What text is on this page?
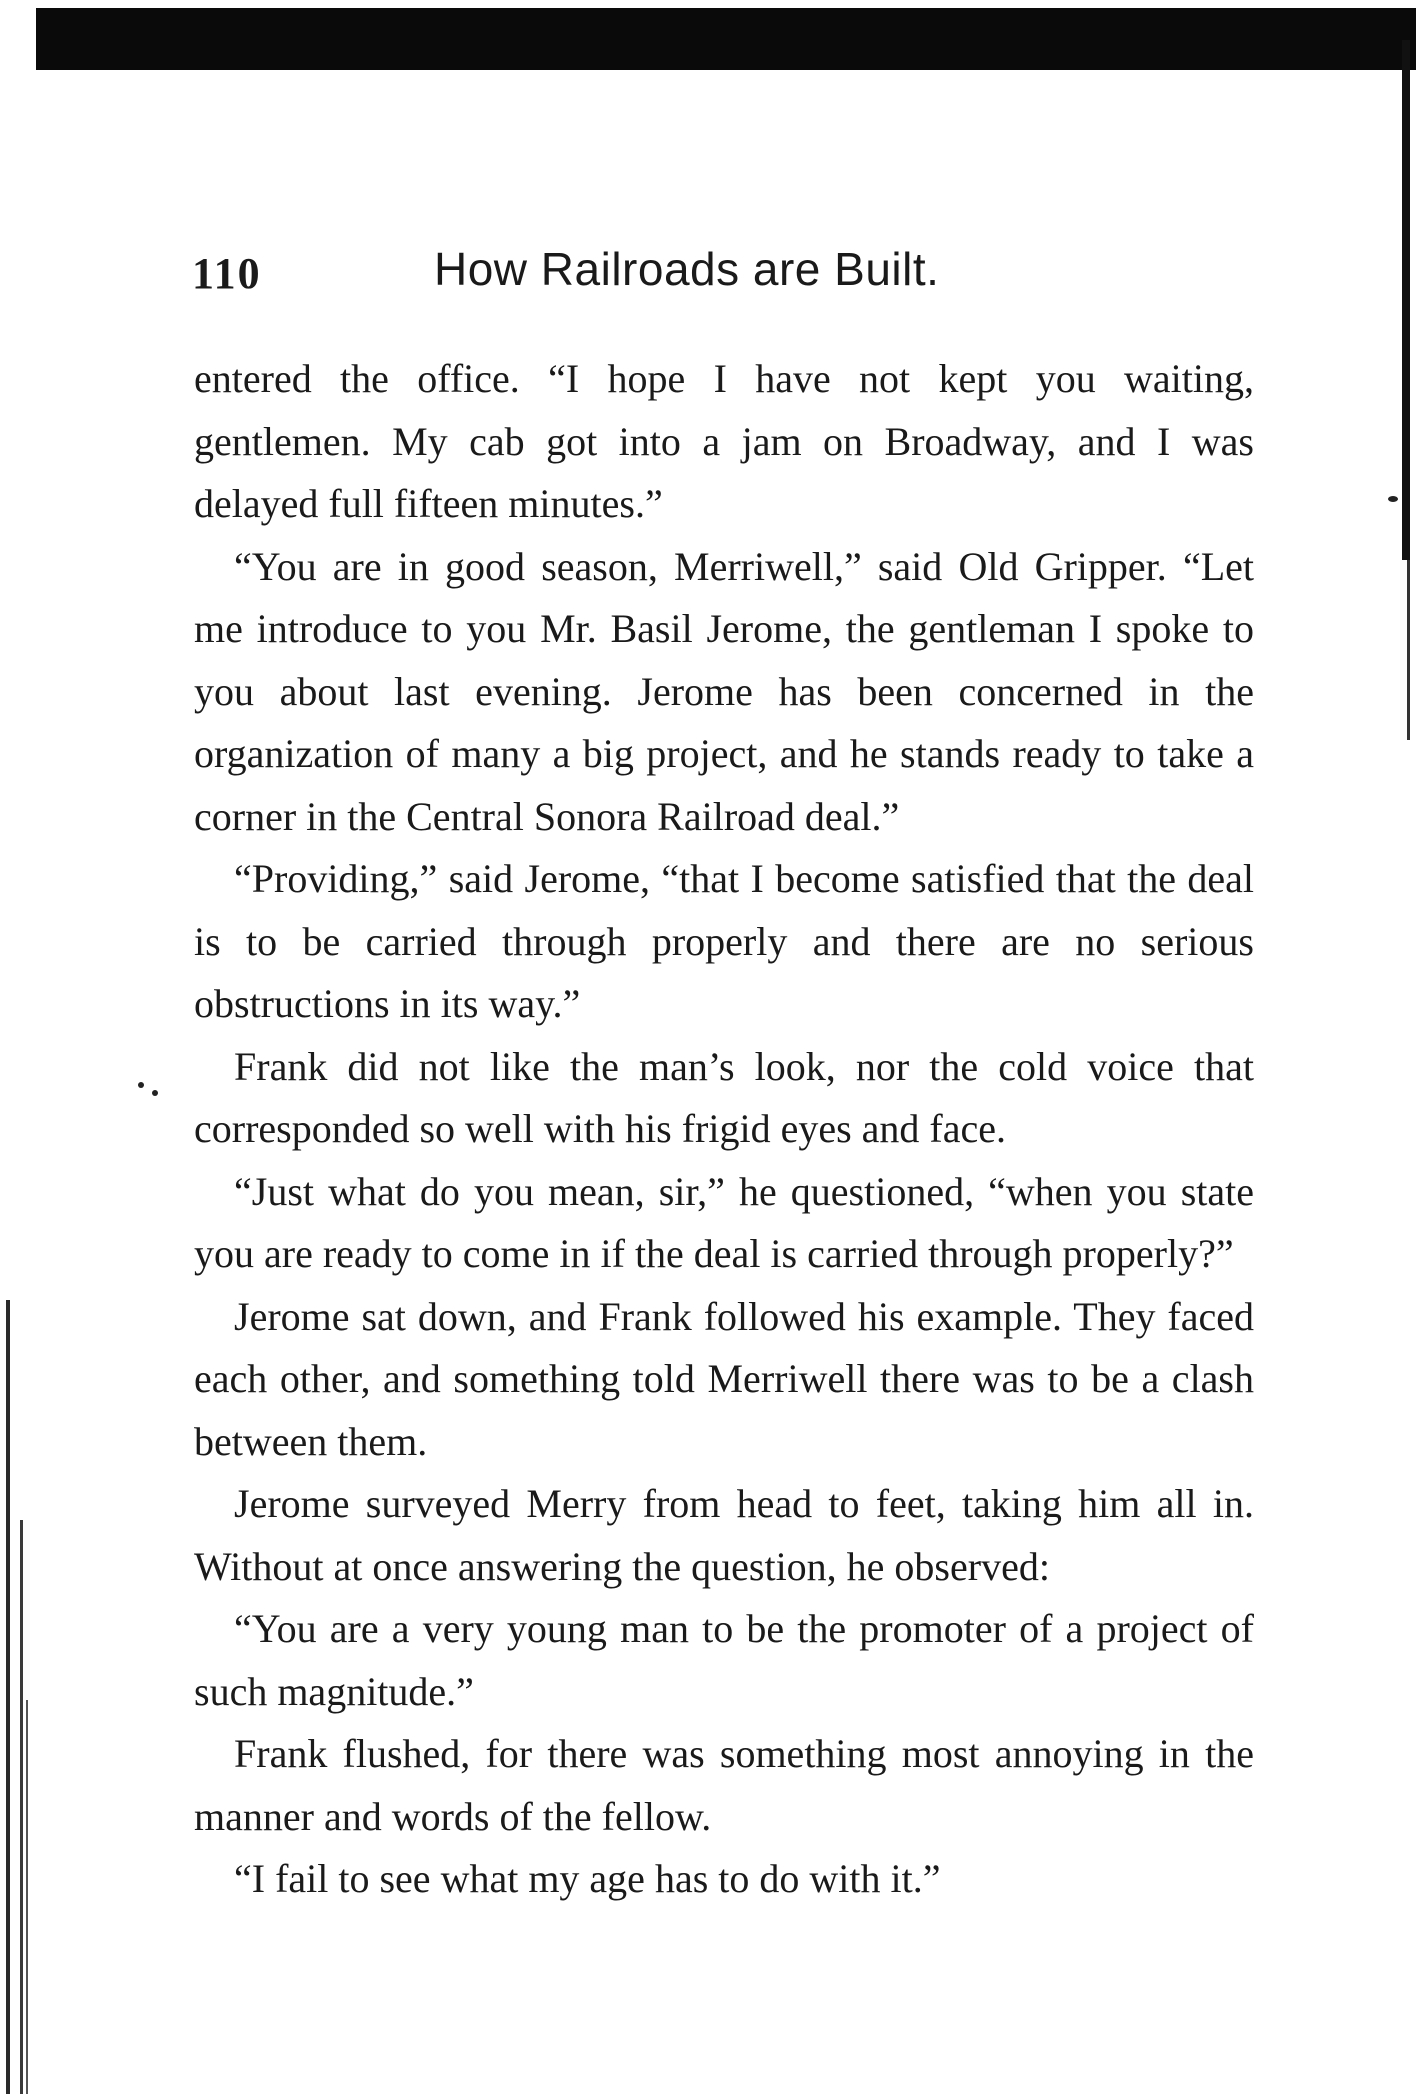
110	How Railroads are Built.

entered the office. “I hope I have not kept you waiting, gentlemen. My cab got into a jam on Broadway, and I was delayed full fifteen minutes.”

“You are in good season, Merriwell,” said Old Gripper. “Let me introduce to you Mr. Basil Jerome, the gentleman I spoke to you about last evening. Jerome has been concerned in the organization of many a big project, and he stands ready to take a corner in the Central Sonora Railroad deal.”

“Providing,” said Jerome, “that I become satisfied that the deal is to be carried through properly and there are no serious obstructions in its way.”

Frank did not like the man’s look, nor the cold voice that corresponded so well with his frigid eyes and face.

“Just what do you mean, sir,” he questioned, “when you state you are ready to come in if the deal is carried through properly?”

Jerome sat down, and Frank followed his example. They faced each other, and something told Merriwell there was to be a clash between them.

Jerome surveyed Merry from head to feet, taking him all in. Without at once answering the question, he observed:

“You are a very young man to be the promoter of a project of such magnitude.”

Frank flushed, for there was something most annoying in the manner and words of the fellow.

“I fail to see what my age has to do with it.”
